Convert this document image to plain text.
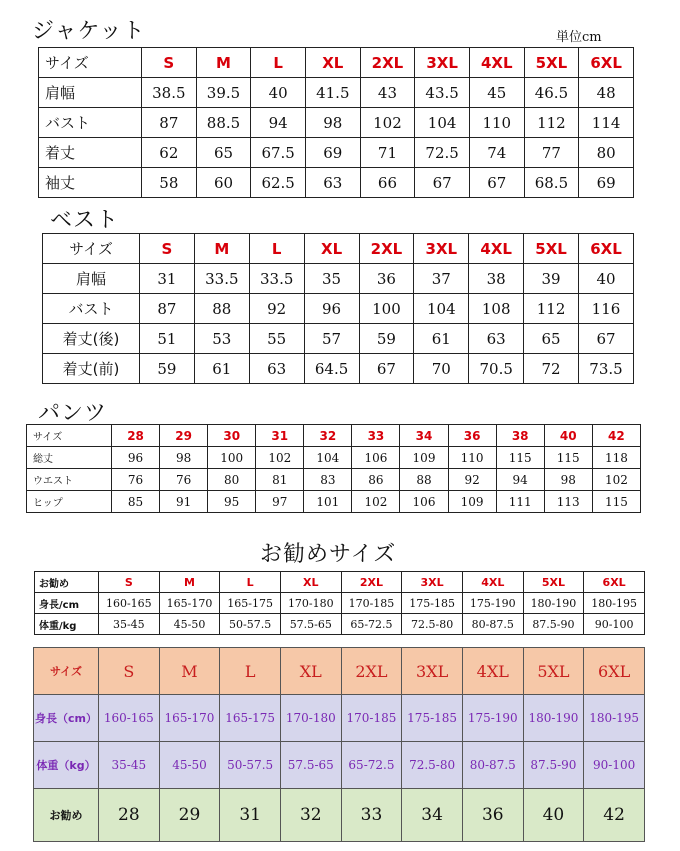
ジャケット	単位cm
サイズ	S	M	L	XL	2XL	3XL	4XL	5XL	6XL
肩幅	38.5	39.5	40	41.5	43	43.5	45	46.5	48
バスト	87	88.5	94	98	102	104	110	112	114
着丈	62	65	67.5	69	71	72.5	74	77	80
袖丈	58	60	62.5	63	66	67	67	68.5	69
ベスト
サイズ	S	M	L	XL	2XL	3XL	4XL	5XL	6XL
肩幅	31	33.5	33.5	35	36	37	38	39	40
バスト	87	88	92	96	100	104	108	112	116
着丈(後)	51	53	55	57	59	61	63	65	67
着丈(前)	59	61	63	64.5	67	70	70.5	72	73.5
パンツ
サイズ	28	29	30	31	32	33	34	36	38	40	42
総丈	96	98	100	102	104	106	109	110	115	115	118
ウエスト	76	76	80	81	83	86	88	92	94	98	102
ヒップ	85	91	95	97	101	102	106	109	111	113	115
お勧めサイズ
お勧め	S	M	L	XL	2XL	3XL	4XL	5XL	6XL
身長/cm	160-165	165-170	165-175	170-180	170-185	175-185	175-190	180-190	180-195
体重/kg	35-45	45-50	50-57.5	57.5-65	65-72.5	72.5-80	80-87.5	87.5-90	90-100
サイズ	S	M	L	XL	2XL	3XL	4XL	5XL	6XL
身長（cm）	160-165	165-170	165-175	170-180	170-185	175-185	175-190	180-190	180-195
体重（kg）	35-45	45-50	50-57.5	57.5-65	65-72.5	72.5-80	80-87.5	87.5-90	90-100
お勧め	28	29	31	32	33	34	36	40	42
